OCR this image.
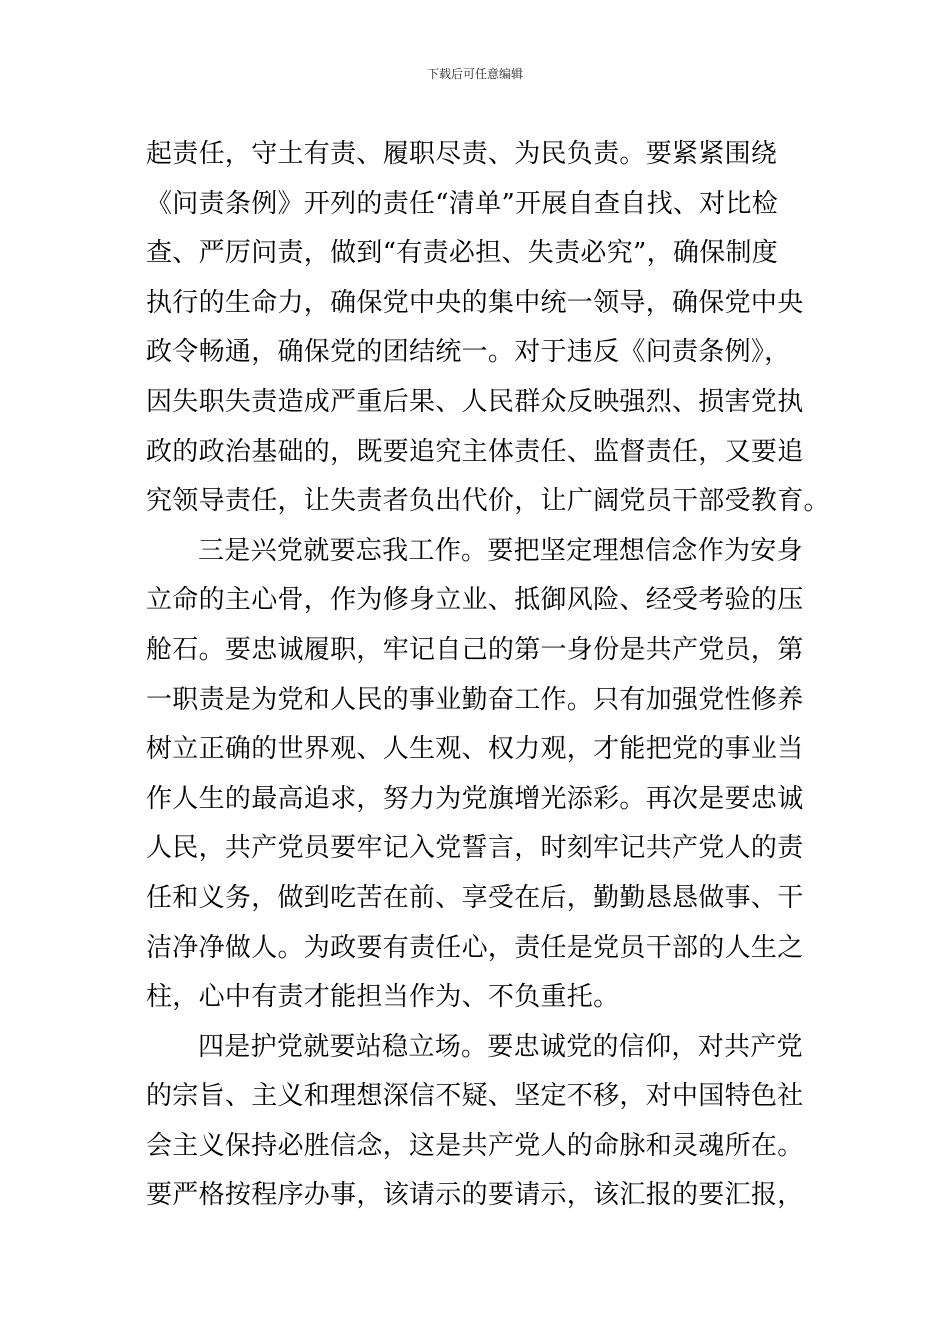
下载后可任意编辑
起责任，守土有责、履职尽责、为民负责。要紧紧围绕
《问责条例》开列的责任“清单”开展自查自找、对比检
查、严厉问责，做到“有责必担、失责必究”，确保制度
执行的生命力，确保党中央的集中统一领导，确保党中央
政令畅通，确保党的团结统一。对于违反《问责条例》，
因失职失责造成严重后果、人民群众反映强烈、损害党执
政的政治基础的，既要追究主体责任、监督责任，又要追
究领导责任，让失责者负出代价，让广阔党员干部受教育。
三是兴党就要忘我工作。要把坚定理想信念作为安身
立命的主心骨，作为修身立业、抵御风险、经受考验的压
舱石。要忠诚履职，牢记自己的第一身份是共产党员，第
一职责是为党和人民的事业勤奋工作。只有加强党性修养
树立正确的世界观、人生观、权力观，才能把党的事业当
作人生的最高追求，努力为党旗增光添彩。再次是要忠诚
人民，共产党员要牢记入党誓言，时刻牢记共产党人的责
任和义务，做到吃苦在前、享受在后，勤勤恳恳做事、干
洁净净做人。为政要有责任心，责任是党员干部的人生之
柱，心中有责才能担当作为、不负重托。
四是护党就要站稳立场。要忠诚党的信仰，对共产党
的宗旨、主义和理想深信不疑、坚定不移，对中国特色社
会主义保持必胜信念，这是共产党人的命脉和灵魂所在。
要严格按程序办事，该请示的要请示，该汇报的要汇报，
